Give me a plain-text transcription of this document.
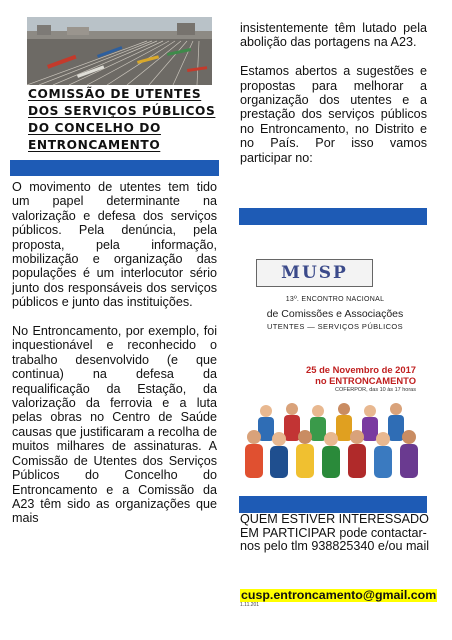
COMISSÃO DE UTENTES
DOS SERVIÇOS PÚBLICOS
DO CONCELHO DO
ENTRONCAMENTO

O movimento de utentes tem tido um papel determinante na valorização e defesa dos serviços públicos. Pela denúncia, pela proposta, pela informação, mobilização e organização das populações é um interlocutor sério junto dos responsáveis dos serviços públicos e junto das instituições.

No Entroncamento, por exemplo, foi inquestionável e reconhecido o trabalho desenvolvido (e que continua) na defesa da requalificação da Estação, da valorização da ferrovia e a luta pelas obras no Centro de Saúde causas que justificaram a recolha de muitos milhares de assinaturas. A Comissão de Utentes dos Serviços Públicos do Concelho do Entroncamento e a Comissão da A23 têm sido as organizações que mais

insistentemente têm lutado pela abolição das portagens na A23.

Estamos abertos a sugestões e propostas para melhorar a organização dos utentes e a prestação dos serviços públicos no Entroncamento, no Distrito e no País. Por isso vamos participar no:

MUSP
13º. ENCONTRO NACIONAL
de Comissões e Associações
UTENTES — SERVIÇOS PÚBLICOS
25 de Novembro de 2017
no ENTRONCAMENTO
COFERPOR, das 10 às 17 horas
QUEM ESTIVER INTERESSADO EM PARTICIPAR pode contactar-nos pelo tlm 938825340 e/ou mail
cusp.entroncamento@gmail.com
1.11.201
